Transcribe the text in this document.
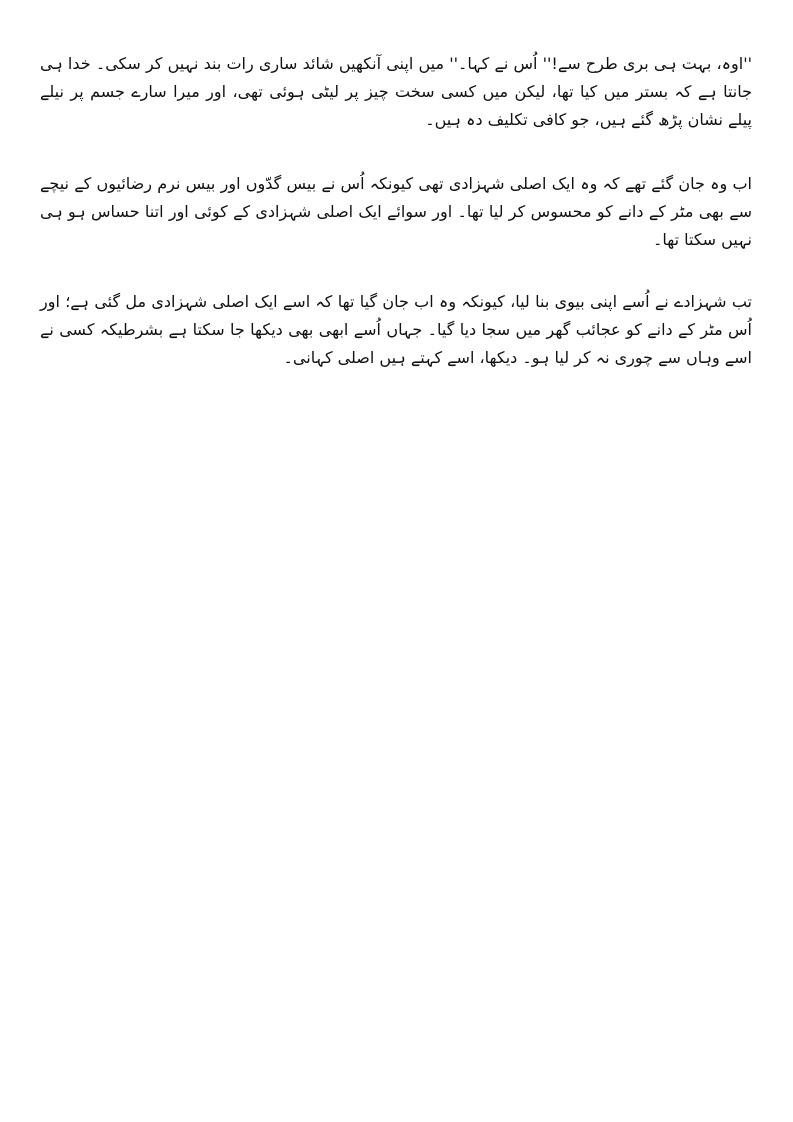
''اوہ، بہت ہی بری طرح سے!'' اُس نے کہا۔'' میں اپنی آنکھیں شائد ساری رات بند نہیں کر سکی۔ خدا ہی جانتا ہے کہ بستر میں کیا تھا، لیکن میں کسی سخت چیز پر لیٹی ہوئی تھی، اور میرا سارے جسم پر نیلے پیلے نشان پڑھ گئے ہیں، جو کافی تکلیف دہ ہیں۔

اب وہ جان گئے تھے کہ وہ ایک اصلی شہزادی تھی کیونکہ اُس نے بیس گدّوں اور بیس نرم رضائیوں کے نیچے سے بھی مٹر کے دانے کو محسوس کر لیا تھا۔ اور سوائے ایک اصلی شہزادی کے کوئی اور اتنا حساس ہو ہی نہیں سکتا تھا۔

تب شہزادے نے اُسے اپنی بیوی بنا لیا، کیونکہ وہ اب جان گیا تھا کہ اسے ایک اصلی شہزادی مل گئی ہے؛ اور اُس مٹر کے دانے کو عجائب گھر میں سجا دیا گیا۔ جہاں اُسے ابھی بھی دیکھا جا سکتا ہے بشرطیکہ کسی نے اسے وہاں سے چوری نہ کر لیا ہو۔ دیکھا، اسے کہتے ہیں اصلی کہانی۔
